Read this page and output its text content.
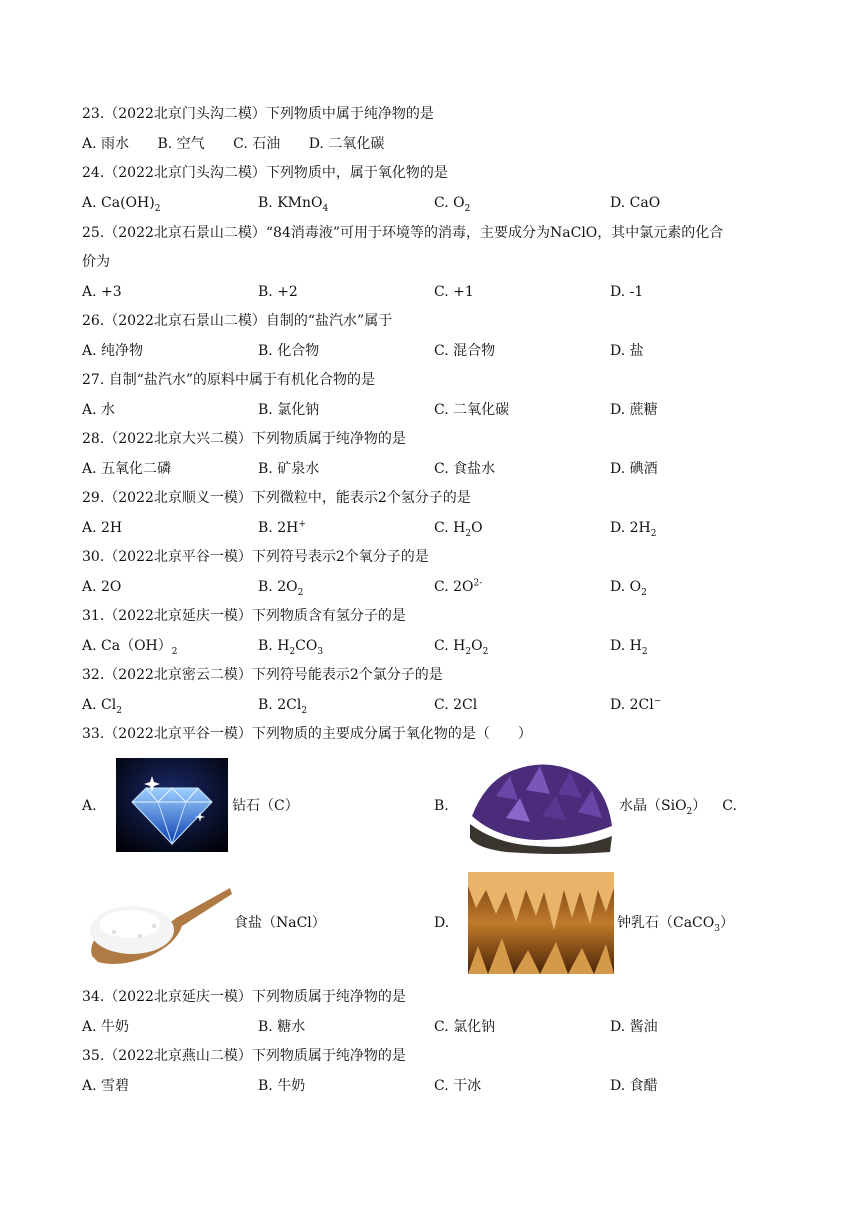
23.（2022北京门头沟二模）下列物质中属于纯净物的是
A. 雨水 B. 空气 C. 石油 D. 二氧化碳
24.（2022北京门头沟二模）下列物质中，属于氧化物的是
A. $Ca(OH)_2$	B. KMnO$_4$	C. $O_2$	D. CaO
25.（2022北京石景山二模）“84消毒液”可用于环境等的消毒，主要成分为NaClO，其中氯元素的化合
价为
A. +3	B. +2	C. +1	D. -1
26.（2022北京石景山二模）自制的“盐汽水”属于
A. 纯净物	B. 化合物	C. 混合物	D. 盐
27. 自制“盐汽水”的原料中属于有机化合物的是
A. 水	B. 氯化钠	C. 二氧化碳	D. 蔗糖
28.（2022北京大兴二模）下列物质属于纯净物的是
A. 五氧化二磷	B. 矿泉水	C. 食盐水	D. 碘酒
29.（2022北京顺义一模）下列微粒中，能表示2个氢分子的是
A. 2H	B. 2H+	C. $H_2O$	D. $2H_2$
30.（2022北京平谷一模）下列符号表示2个氧分子的是
A. 2O	B. $2O_2$	C. $2O^{2-}$	D. $O_2$
31.（2022北京延庆一模）下列物质含有氢分子的是
A. $Ca(OH)_2$	B. $H_2CO_3$	C. $H_2O_2$	D. $H_2$
32.（2022北京密云二模）下列符号能表示2个氯分子的是
A. $Cl_2$	B. $2Cl_2$	C. 2Cl	D. 2Cl−
33.（2022北京平谷一模）下列物质的主要成分属于氧化物的是（　　）
A.	钻石（C）	B.	水晶（SiO$_2$） C.
食盐（NaCl）	D.	钟乳石（CaCO$_3$）
34.（2022北京延庆一模）下列物质属于纯净物的是
A. 牛奶	B. 糖水	C. 氯化钠	D. 酱油
35.（2022北京燕山二模）下列物质属于纯净物的是
A. 雪碧	B. 牛奶	C. 干冰	D. 食醋
